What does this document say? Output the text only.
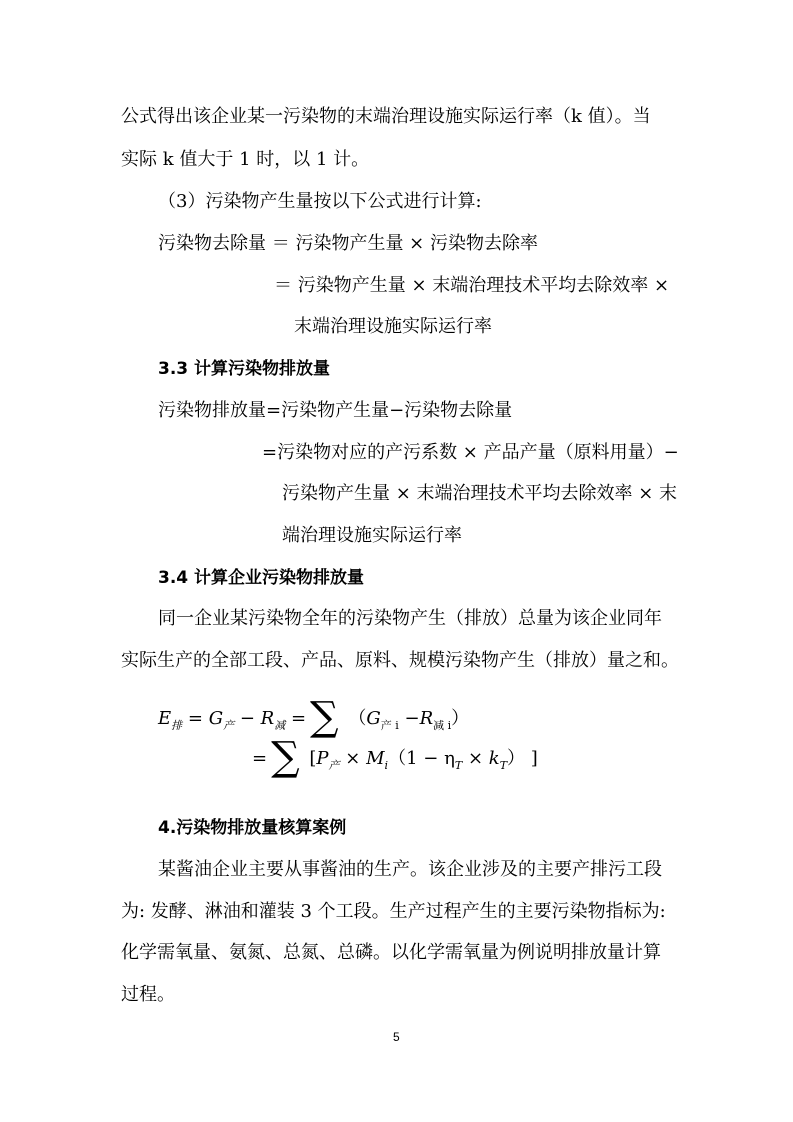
公式得出该企业某一污染物的末端治理设施实际运行率（k 值）。当
实际 k 值大于 1 时，以 1 计。
（3）污染物产生量按以下公式进行计算:
污染物去除量 ＝ 污染物产生量 × 污染物去除率
＝ 污染物产生量 × 末端治理技术平均去除效率 ×
末端治理设施实际运行率
3.3 计算污染物排放量
污染物排放量=污染物产生量−污染物去除量
=污染物对应的产污系数 × 产品产量（原料用量）−
污染物产生量 × 末端治理技术平均去除效率 × 末
端治理设施实际运行率
3.4 计算企业污染物排放量
同一企业某污染物全年的污染物产生（排放）总量为该企业同年
实际生产的全部工段、产品、原料、规模污染物产生（排放）量之和。
$E_排 = G_产 - R_减$ = ∑ $(G_{产 i} -R_{减 i})$
= ∑ [$P_产 \times M_i(1 - \eta_T \times k_T)$ ]
4.污染物排放量核算案例
某酱油企业主要从事酱油的生产。该企业涉及的主要产排污工段
为: 发酵、淋油和灌装 3 个工段。生产过程产生的主要污染物指标为:
化学需氧量、氨氮、总氮、总磷。以化学需氧量为例说明排放量计算
过程。
5
